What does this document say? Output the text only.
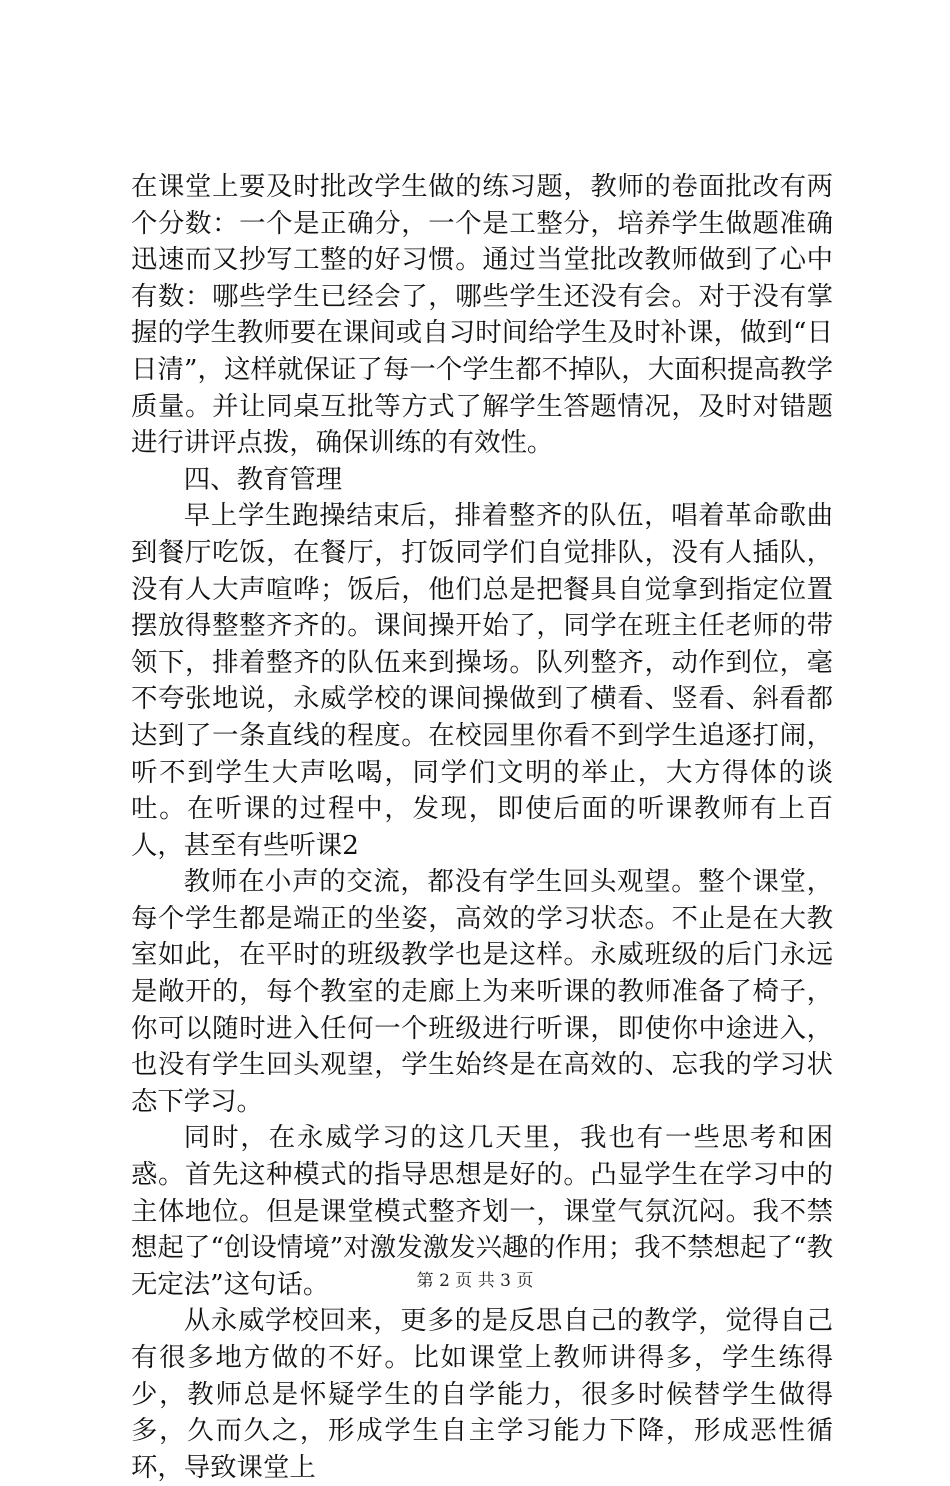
在课堂上要及时批改学生做的练习题，教师的卷面批改有两个分数：一个是正确分，一个是工整分，培养学生做题准确迅速而又抄写工整的好习惯。通过当堂批改教师做到了心中有数：哪些学生已经会了，哪些学生还没有会。对于没有掌握的学生教师要在课间或自习时间给学生及时补课，做到“日日清”，这样就保证了每一个学生都不掉队，大面积提高教学质量。并让同桌互批等方式了解学生答题情况，及时对错题进行讲评点拨，确保训练的有效性。

四、教育管理

早上学生跑操结束后，排着整齐的队伍，唱着革命歌曲到餐厅吃饭，在餐厅，打饭同学们自觉排队，没有人插队，没有人大声喧哗；饭后，他们总是把餐具自觉拿到指定位置摆放得整整齐齐的。课间操开始了，同学在班主任老师的带领下，排着整齐的队伍来到操场。队列整齐，动作到位，毫不夸张地说，永威学校的课间操做到了横看、竖看、斜看都达到了一条直线的程度。在校园里你看不到学生追逐打闹，听不到学生大声吆喝，同学们文明的举止，大方得体的谈吐。在听课的过程中，发现，即使后面的听课教师有上百人，甚至有些听课2

教师在小声的交流，都没有学生回头观望。整个课堂，每个学生都是端正的坐姿，高效的学习状态。不止是在大教室如此，在平时的班级教学也是这样。永威班级的后门永远是敞开的，每个教室的走廊上为来听课的教师准备了椅子，你可以随时进入任何一个班级进行听课，即使你中途进入，也没有学生回头观望，学生始终是在高效的、忘我的学习状态下学习。

同时，在永威学习的这几天里，我也有一些思考和困惑。首先这种模式的指导思想是好的。凸显学生在学习中的主体地位。但是课堂模式整齐划一，课堂气氛沉闷。我不禁想起了“创设情境”对激发激发兴趣的作用；我不禁想起了“教无定法”这句话。

从永威学校回来，更多的是反思自己的教学，觉得自己有很多地方做的不好。比如课堂上教师讲得多，学生练得少，教师总是怀疑学生的自学能力，很多时候替学生做得多，久而久之，形成学生自主学习能力下降，形成恶性循环，导致课堂上

第 2 页 共 3 页
